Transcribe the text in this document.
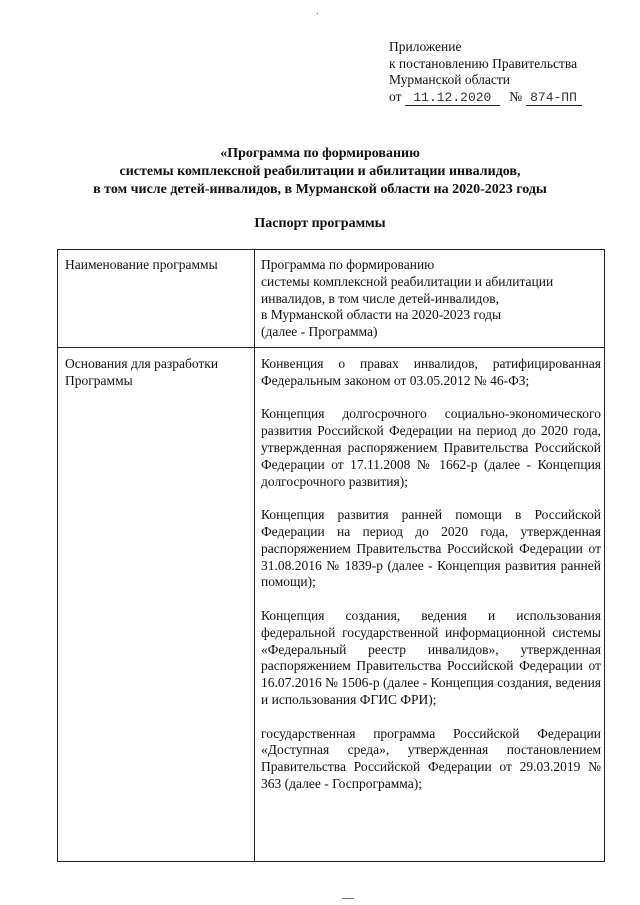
.
Приложение
к постановлению Правительства
Мурманской области
от 11.12.2020 № 874-ПП
«Программа по формированию
системы комплексной реабилитации и абилитации инвалидов,
в том числе детей-инвалидов, в Мурманской области на 2020-2023 годы
Паспорт программы
Наименование программы	Программа по формированию
системы комплексной реабилитации и абилитации
инвалидов, в том числе детей-инвалидов,
в Мурманской области на 2020-2023 годы
(далее - Программа)
Основания для разработки
Программы

Конвенция о правах инвалидов, ратифицированная Федеральным законом от 03.05.2012 № 46-ФЗ;

Концепция долгосрочного социально-экономического развития Российской Федерации на период до 2020 года, утвержденная распоряжением Правительства Российской Федерации от 17.11.2008 № 1662-р (далее - Концепция долгосрочного развития);

Концепция развития ранней помощи в Российской Федерации на период до 2020 года, утвержденная распоряжением Правительства Российской Федерации от 31.08.2016 № 1839-р (далее - Концепция развития ранней помощи);

Концепция создания, ведения и использования федеральной государственной информационной системы «Федеральный реестр инвалидов», утвержденная распоряжением Правительства Российской Федерации от 16.07.2016 № 1506-р (далее - Концепция создания, ведения и использования ФГИС ФРИ);

государственная программа Российской Федерации «Доступная среда», утвержденная постановлением Правительства Российской Федерации от 29.03.2019 № 363 (далее - Госпрограмма);
